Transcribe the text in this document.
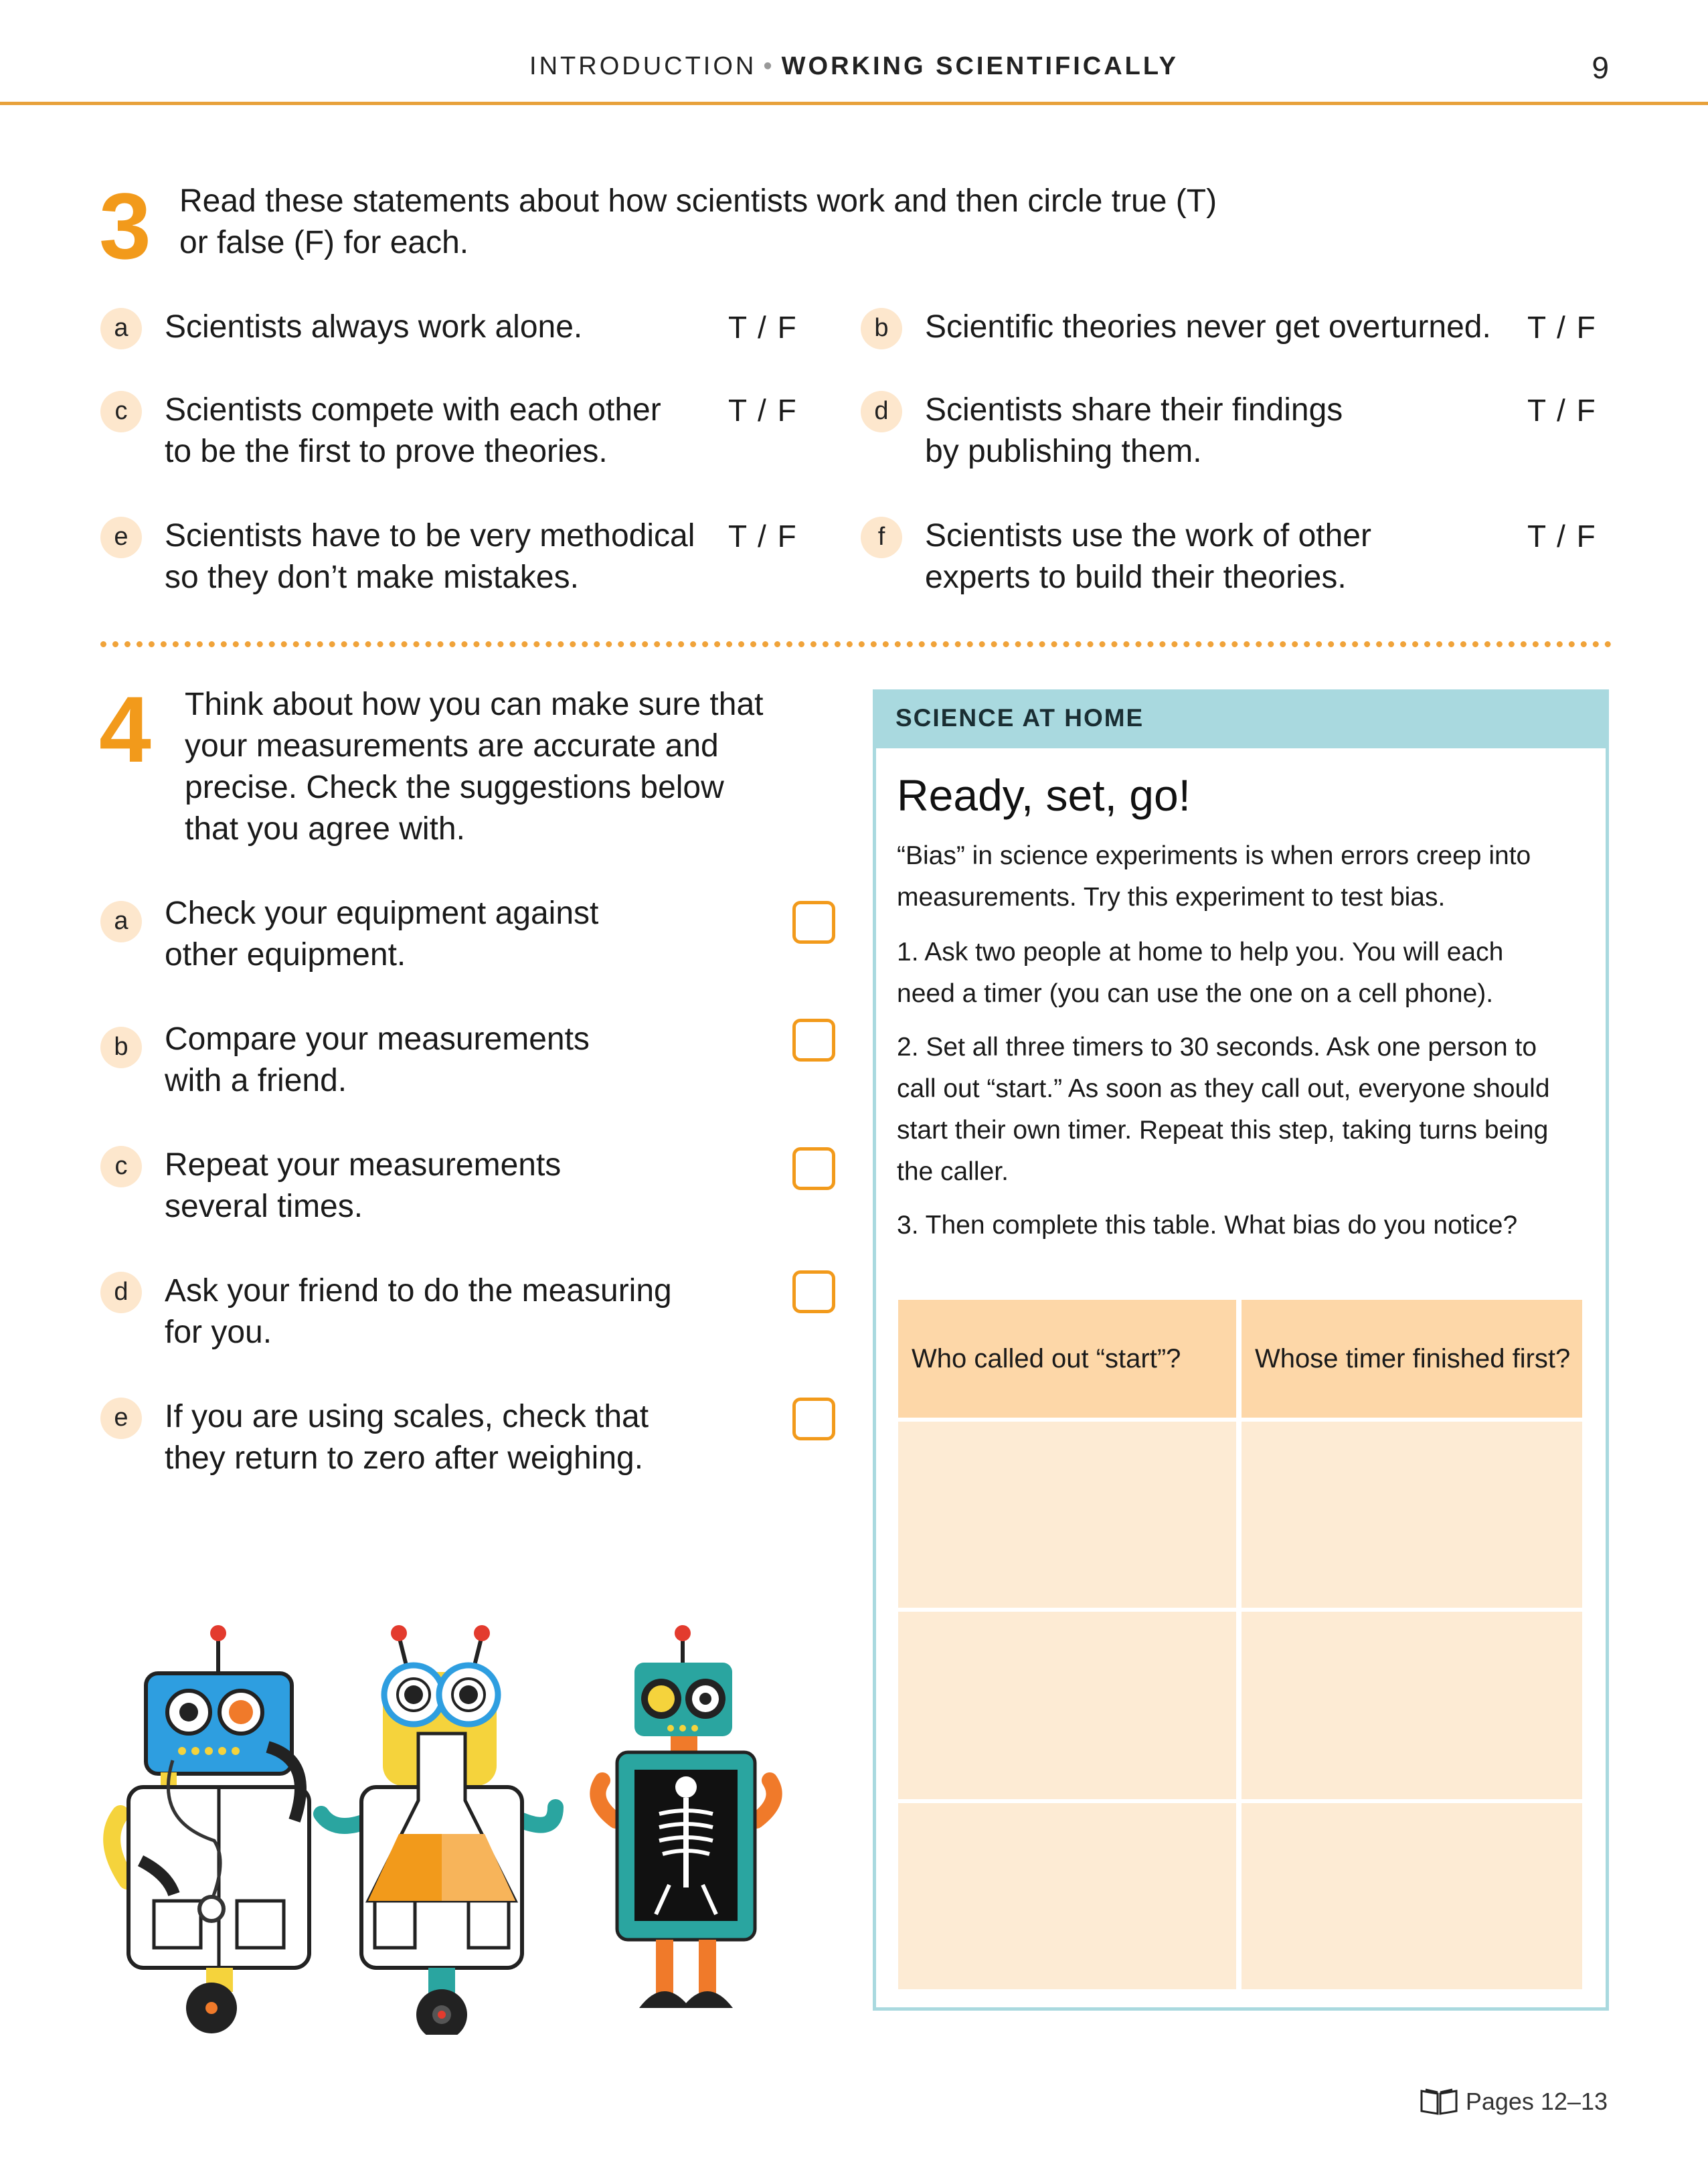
INTRODUCTION • WORKING SCIENTIFICALLY	9
3 Read these statements about how scientists work and then circle true (T)
or false (F) for each.
a	Scientists always work alone.	T / F
c	Scientists compete with each other
to be the first to prove theories.
T / F
e	Scientists have to be very methodical
so they don’t make mistakes.
T / F
b	Scientific theories never get overturned. T / F
d	Scientists share their findings
by publishing them.
T / F
f	Scientists use the work of other
experts to build their theories.
T / F
4 Think about how you can make sure that
your measurements are accurate and
precise. Check the suggestions below
that you agree with.
a	Check your equipment against
other equipment.
b	Compare your measurements
with a friend.
c	Repeat your measurements
several times.
d	Ask your friend to do the measuring
for you.
e	If you are using scales, check that
they return to zero after weighing.
SCIENCE AT HOME
Ready, set, go!
“Bias” in science experiments is when errors creep into
measurements. Try this experiment to test bias.
1. Ask two people at home to help you. You will each
need a timer (you can use the one on a cell phone).
2. Set all three timers to 30 seconds. Ask one person to
call out “start.” As soon as they call out, everyone should
start their own timer. Repeat this step, taking turns being
the caller.
3. Then complete this table. What bias do you notice?
Who called out “start”?	Whose timer finished first?
Pages 12–13
